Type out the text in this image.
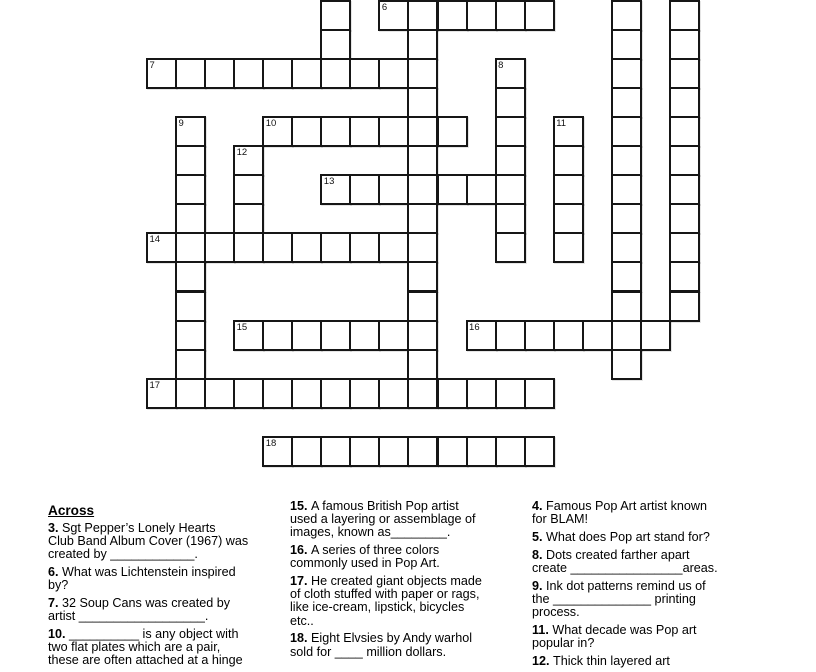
6
7	8
9	10	11
12
13
14
15	16
17
18
Across
3. Sgt Pepper’s Lonely Hearts
Club Band Album Cover (1967) was
created by ____________.
6. What was Lichtenstein inspired
by?
7. 32 Soup Cans was created by
artist __________________.
10. __________ is any object with
two flat plates which are a pair,
these are often attached at a hinge
15. A famous British Pop artist
used a layering or assemblage of
images, known as________.
16. A series of three colors
commonly used in Pop Art.
17. He created giant objects made
of cloth stuffed with paper or rags,
like ice-cream, lipstick, bicycles
etc..
18. Eight Elvsies by Andy warhol
sold for ____ million dollars.
4. Famous Pop Art artist known
for BLAM!
5. What does Pop art stand for?
8. Dots created farther apart
create ________________areas.
9. Ink dot patterns remind us of
the ______________ printing
process.
11. What decade was Pop art
popular in?
12. Thick thin layered art
